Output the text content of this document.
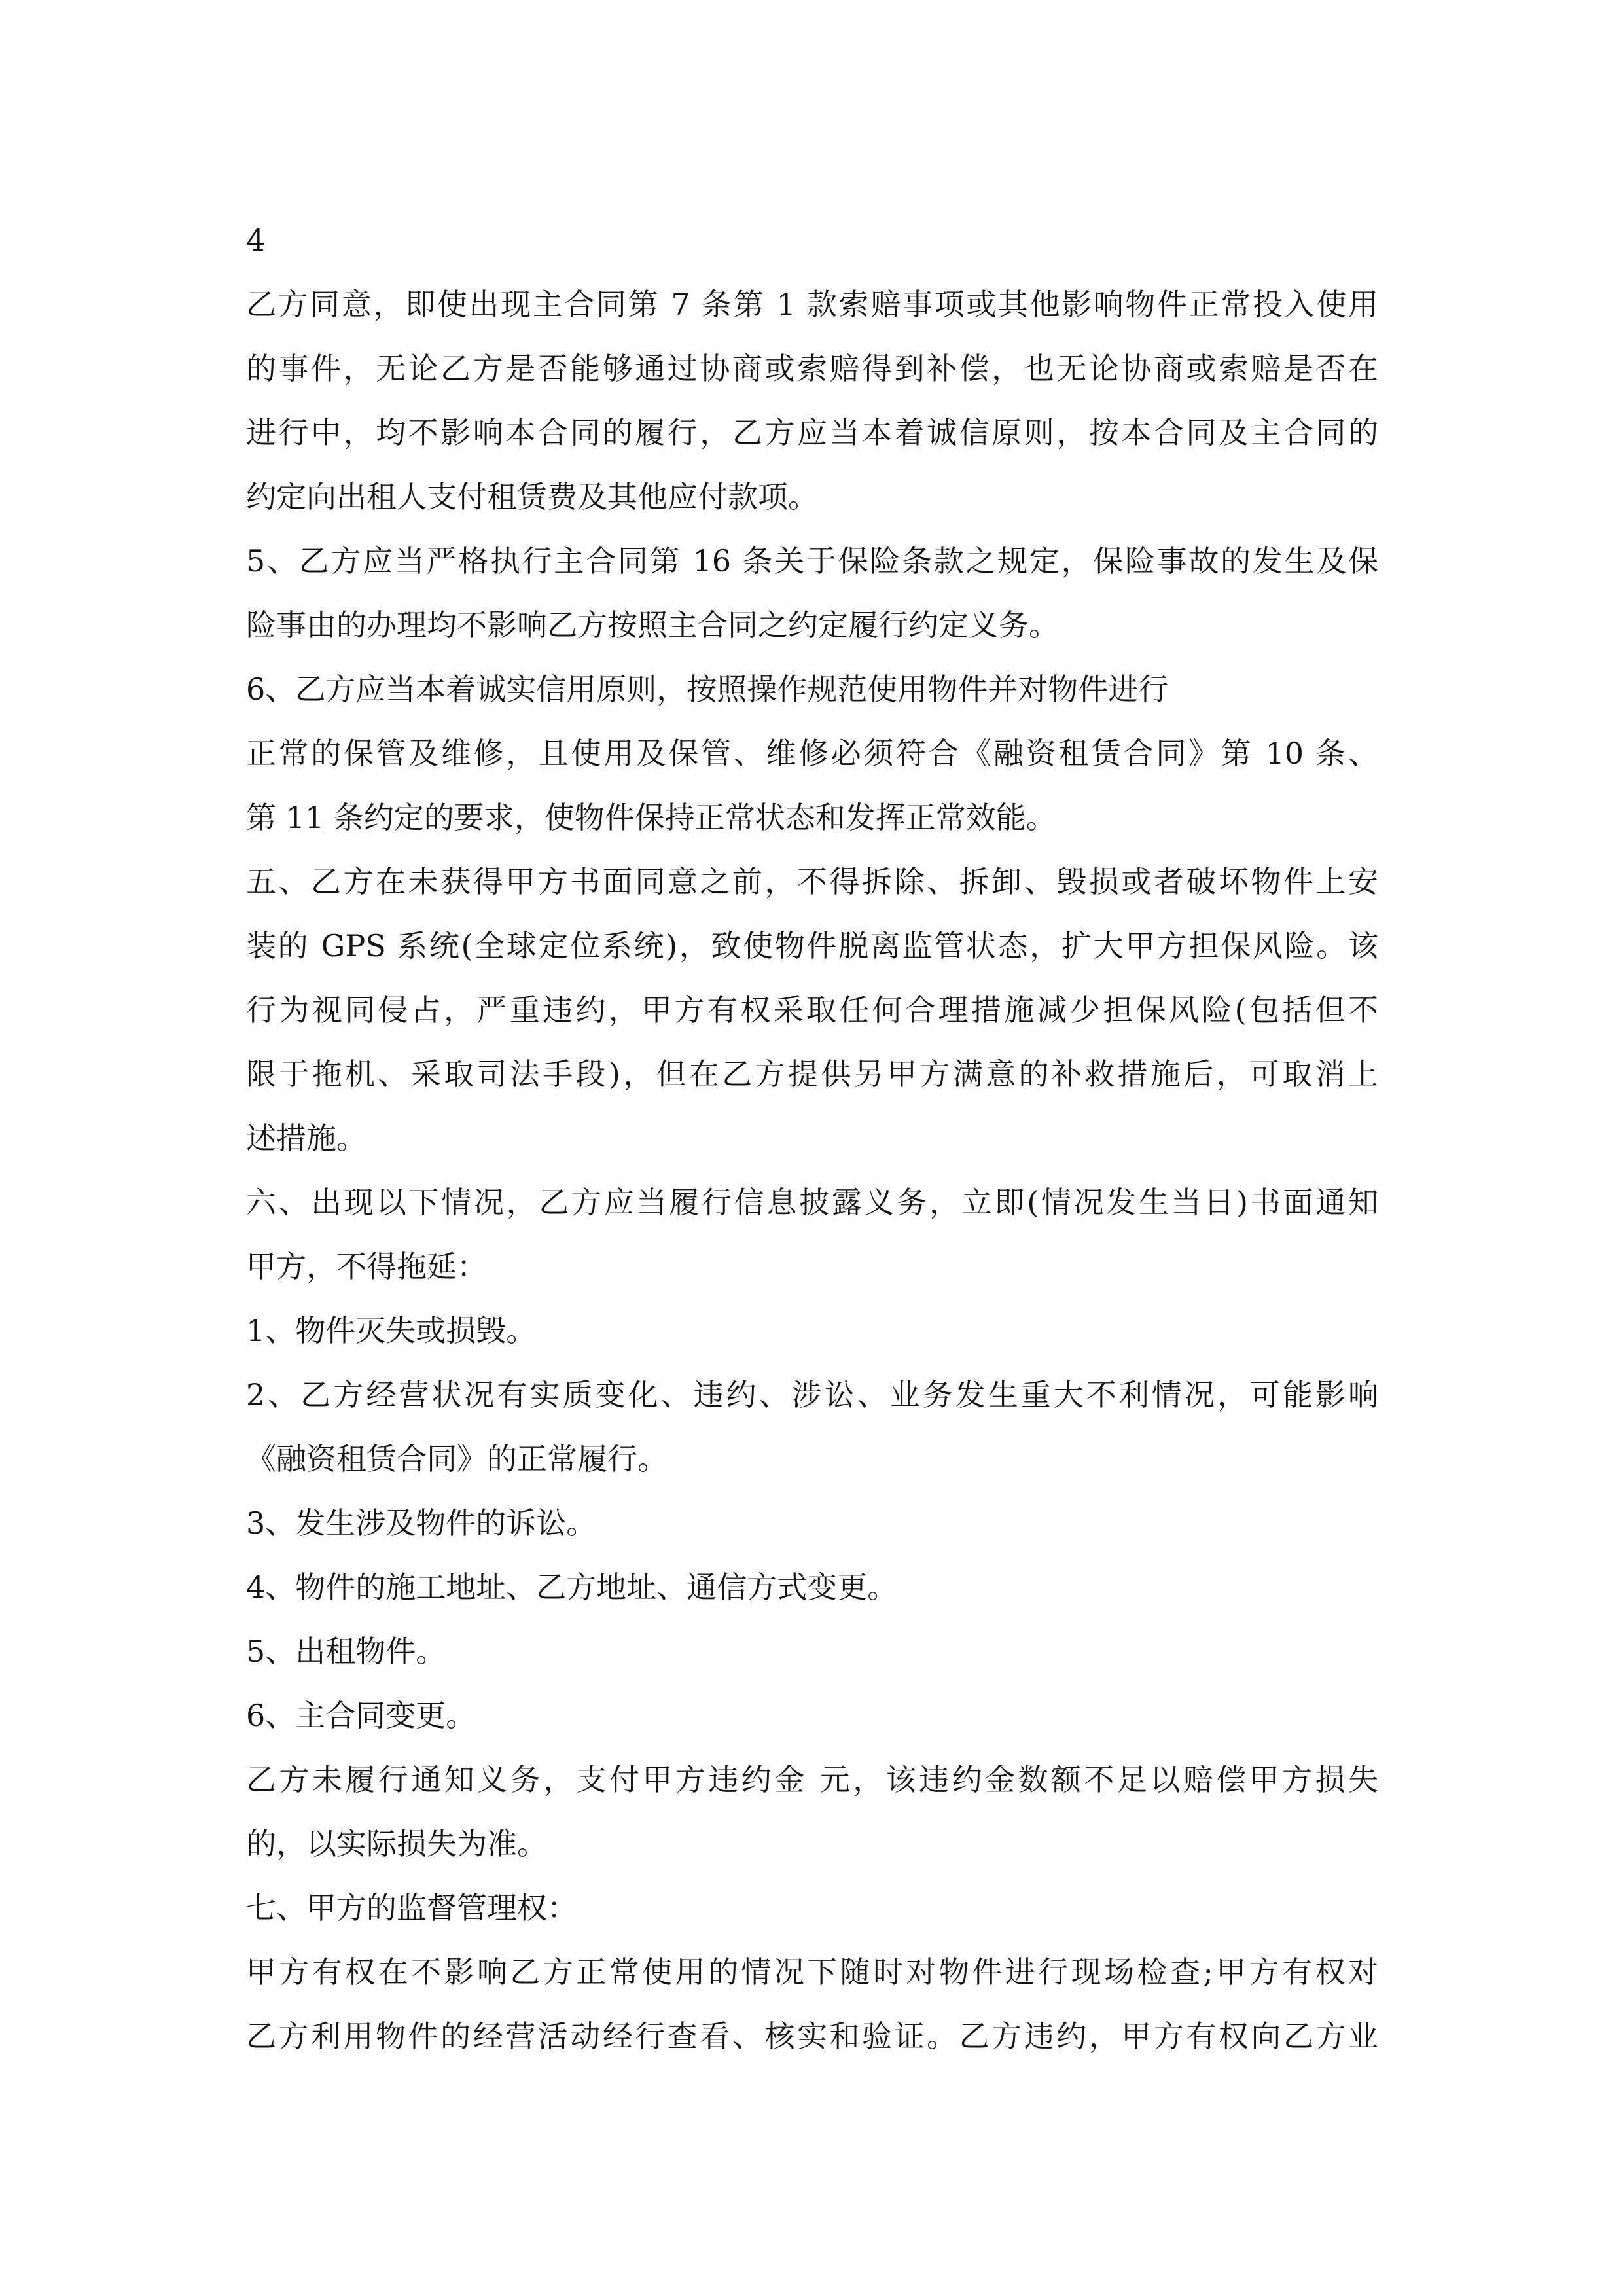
4
乙方同意，即使出现主合同第 7 条第 1 款索赔事项或其他影响物件正常投入使用
的事件，无论乙方是否能够通过协商或索赔得到补偿，也无论协商或索赔是否在
进行中，均不影响本合同的履行，乙方应当本着诚信原则，按本合同及主合同的
约定向出租人支付租赁费及其他应付款项。
5、乙方应当严格执行主合同第 16 条关于保险条款之规定，保险事故的发生及保
险事由的办理均不影响乙方按照主合同之约定履行约定义务。
6、乙方应当本着诚实信用原则，按照操作规范使用物件并对物件进行
正常的保管及维修，且使用及保管、维修必须符合《融资租赁合同》第 10 条、
第 11 条约定的要求，使物件保持正常状态和发挥正常效能。
五、乙方在未获得甲方书面同意之前，不得拆除、拆卸、毁损或者破坏物件上安
装的 GPS 系统(全球定位系统)，致使物件脱离监管状态，扩大甲方担保风险。该
行为视同侵占，严重违约，甲方有权采取任何合理措施减少担保风险(包括但不
限于拖机、采取司法手段)，但在乙方提供另甲方满意的补救措施后，可取消上
述措施。
六、出现以下情况，乙方应当履行信息披露义务，立即(情况发生当日)书面通知
甲方，不得拖延：
1、物件灭失或损毁。
2、乙方经营状况有实质变化、违约、涉讼、业务发生重大不利情况，可能影响
《融资租赁合同》的正常履行。
3、发生涉及物件的诉讼。
4、物件的施工地址、乙方地址、通信方式变更。
5、出租物件。
6、主合同变更。
乙方未履行通知义务，支付甲方违约金 元，该违约金数额不足以赔偿甲方损失
的，以实际损失为准。
七、甲方的监督管理权：
甲方有权在不影响乙方正常使用的情况下随时对物件进行现场检查;甲方有权对
乙方利用物件的经营活动经行查看、核实和验证。乙方违约，甲方有权向乙方业
